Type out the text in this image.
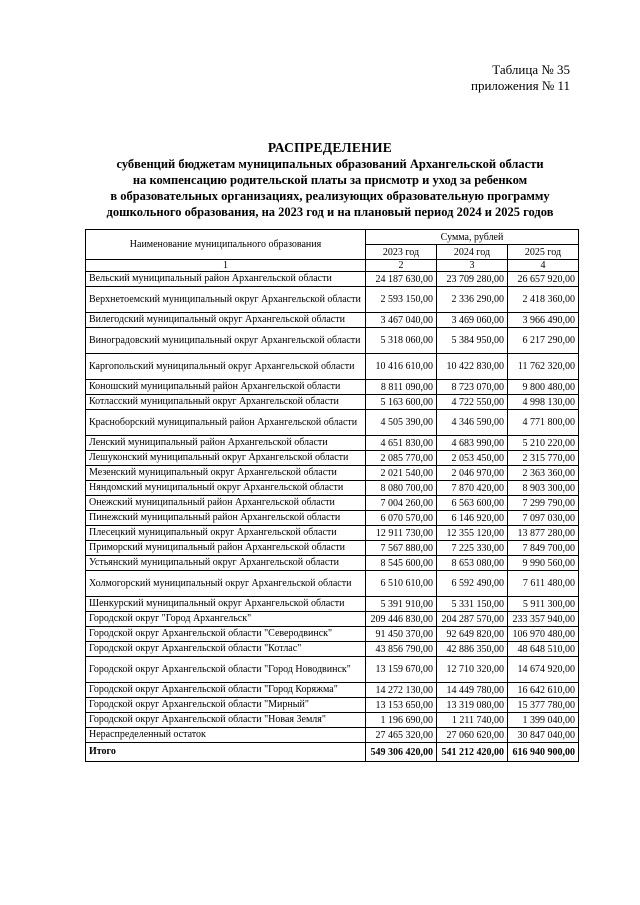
Таблица № 35
приложения № 11
РАСПРЕДЕЛЕНИЕ
субвенций бюджетам муниципальных образований Архангельской области
на компенсацию родительской платы за присмотр и уход за ребенком
в образовательных организациях, реализующих образовательную программу
дошкольного образования, на 2023 год и на плановый период 2024 и 2025 годов
Наименование муниципального образования	Сумма, рублей		
	2023 год	2024 год	2025 год
1	2	3	4
Вельский муниципальный район Архангельской области	24 187 630,00	23 709 280,00	26 657 920,00
Верхнетоемский муниципальный округ Архангельской области	2 593 150,00	2 336 290,00	2 418 360,00
Вилегодский муниципальный округ Архангельской области	3 467 040,00	3 469 060,00	3 966 490,00
Виноградовский муниципальный округ Архангельской области	5 318 060,00	5 384 950,00	6 217 290,00
Каргопольский муниципальный округ Архангельской области	10 416 610,00	10 422 830,00	11 762 320,00
Коношский муниципальный район Архангельской области	8 811 090,00	8 723 070,00	9 800 480,00
Котласский муниципальный округ Архангельской области	5 163 600,00	4 722 550,00	4 998 130,00
Красноборский муниципальный район Архангельской области	4 505 390,00	4 346 590,00	4 771 800,00
Ленский муниципальный район Архангельской области	4 651 830,00	4 683 990,00	5 210 220,00
Лешуконский муниципальный округ Архангельской области	2 085 770,00	2 053 450,00	2 315 770,00
Мезенский муниципальный округ Архангельской области	2 021 540,00	2 046 970,00	2 363 360,00
Няндомский муниципальный округ Архангельской области	8 080 700,00	7 870 420,00	8 903 300,00
Онежский муниципальный район Архангельской области	7 004 260,00	6 563 600,00	7 299 790,00
Пинежский муниципальный район Архангельской области	6 070 570,00	6 146 920,00	7 097 030,00
Плесецкий муниципальный округ Архангельской области	12 911 730,00	12 355 120,00	13 877 280,00
Приморский муниципальный район Архангельской области	7 567 880,00	7 225 330,00	7 849 700,00
Устьянский муниципальный округ Архангельской области	8 545 600,00	8 653 080,00	9 990 560,00
Холмогорский муниципальный округ Архангельской области	6 510 610,00	6 592 490,00	7 611 480,00
Шенкурский муниципальный округ Архангельской области	5 391 910,00	5 331 150,00	5 911 300,00
Городской округ "Город Архангельск"	209 446 830,00	204 287 570,00	233 357 940,00
Городской округ Архангельской области "Северодвинск"	91 450 370,00	92 649 820,00	106 970 480,00
Городской округ Архангельской области "Котлас"	43 856 790,00	42 886 350,00	48 648 510,00
Городской округ Архангельской области "Город Новодвинск"	13 159 670,00	12 710 320,00	14 674 920,00
Городской округ Архангельской области "Город Коряжма"	14 272 130,00	14 449 780,00	16 642 610,00
Городской округ Архангельской области "Мирный"	13 153 650,00	13 319 080,00	15 377 780,00
Городской округ Архангельской области "Новая Земля"	1 196 690,00	1 211 740,00	1 399 040,00
Нераспределенный остаток	27 465 320,00	27 060 620,00	30 847 040,00
Итого	549 306 420,00	541 212 420,00	616 940 900,00
